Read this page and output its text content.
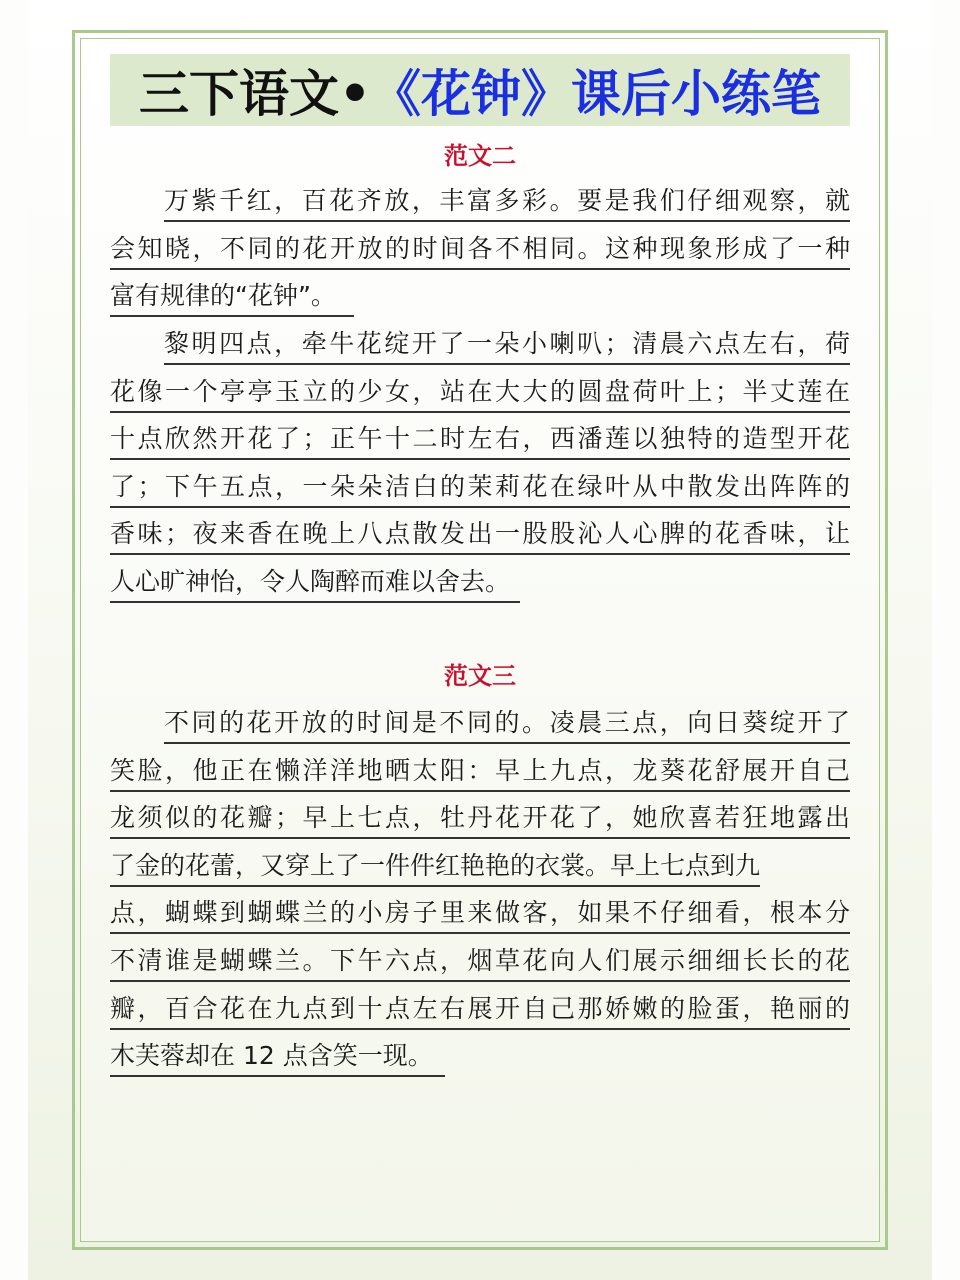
三下语文• 《花钟》课后小练笔
范文二
万紫千红，百花齐放，丰富多彩。要是我们仔细观察，就
会知晓，不同的花开放的时间各不相同。这种现象形成了一种
富有规律的“花钟”。
黎明四点，牵牛花绽开了一朵小喇叭；清晨六点左右，荷
花像一个亭亭玉立的少女，站在大大的圆盘荷叶上；半丈莲在
十点欣然开花了；正午十二时左右，西潘莲以独特的造型开花
了；下午五点，一朵朵洁白的茉莉花在绿叶从中散发出阵阵的
香味；夜来香在晚上八点散发出一股股沁人心脾的花香味，让
人心旷神怡，令人陶醉而难以舍去。
范文三
不同的花开放的时间是不同的。凌晨三点，向日葵绽开了
笑脸，他正在懒洋洋地晒太阳：早上九点，龙葵花舒展开自己
龙须似的花瓣；早上七点，牡丹花开花了，她欣喜若狂地露出
了金的花蕾，又穿上了一件件红艳艳的衣裳。早上七点到九
点，蝴蝶到蝴蝶兰的小房子里来做客，如果不仔细看，根本分
不清谁是蝴蝶兰。下午六点，烟草花向人们展示细细长长的花
瓣，百合花在九点到十点左右展开自己那娇嫩的脸蛋，艳丽的
木芙蓉却在 12 点含笑一现。
